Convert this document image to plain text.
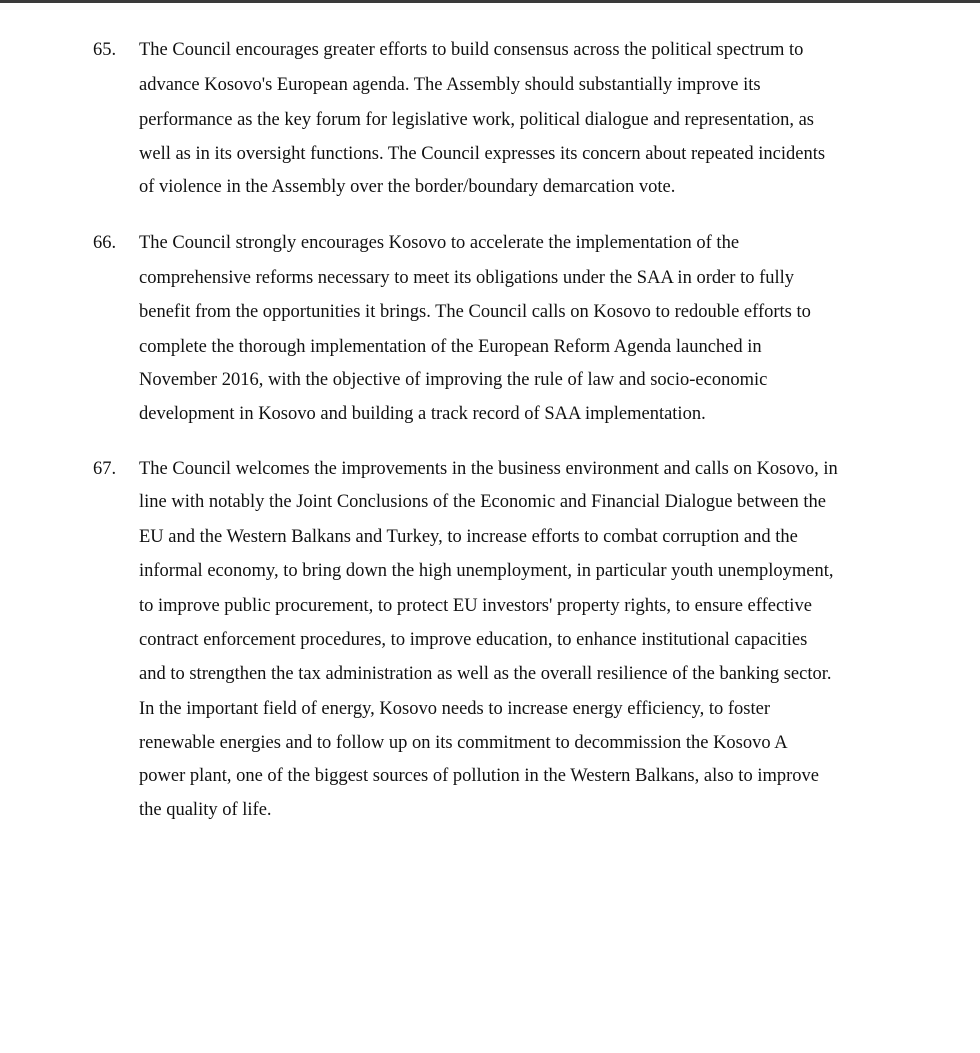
65. The Council encourages greater efforts to build consensus across the political spectrum to
advance Kosovo's European agenda. The Assembly should substantially improve its
performance as the key forum for legislative work, political dialogue and representation, as
well as in its oversight functions. The Council expresses its concern about repeated incidents
of violence in the Assembly over the border/boundary demarcation vote.
66. The Council strongly encourages Kosovo to accelerate the implementation of the
comprehensive reforms necessary to meet its obligations under the SAA in order to fully
benefit from the opportunities it brings. The Council calls on Kosovo to redouble efforts to
complete the thorough implementation of the European Reform Agenda launched in
November 2016, with the objective of improving the rule of law and socio-economic
development in Kosovo and building a track record of SAA implementation.
67. The Council welcomes the improvements in the business environment and calls on Kosovo, in
line with notably the Joint Conclusions of the Economic and Financial Dialogue between the
EU and the Western Balkans and Turkey, to increase efforts to combat corruption and the
informal economy, to bring down the high unemployment, in particular youth unemployment,
to improve public procurement, to protect EU investors' property rights, to ensure effective
contract enforcement procedures, to improve education, to enhance institutional capacities
and to strengthen the tax administration as well as the overall resilience of the banking sector.
In the important field of energy, Kosovo needs to increase energy efficiency, to foster
renewable energies and to follow up on its commitment to decommission the Kosovo A
power plant, one of the biggest sources of pollution in the Western Balkans, also to improve
the quality of life.
